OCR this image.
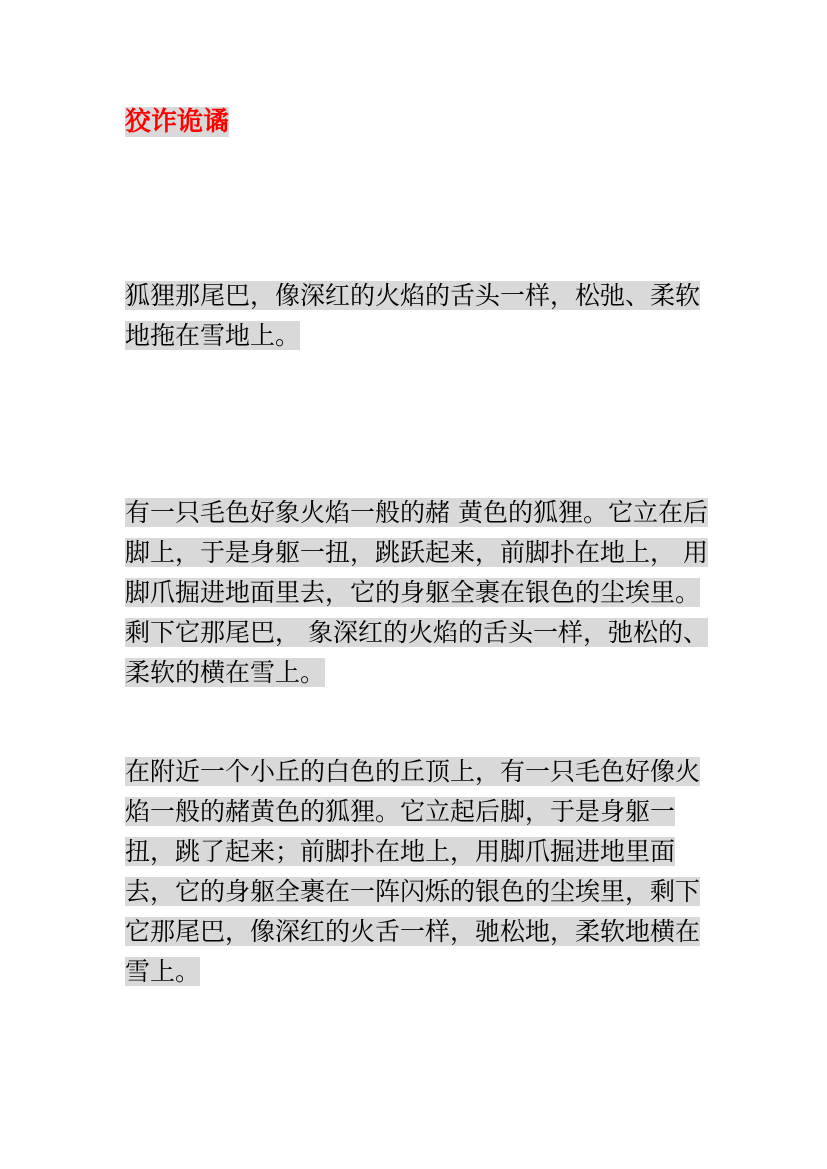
狡诈诡谲

狐狸那尾巴，像深红的火焰的舌头一样，松弛、柔软地拖在雪地上。

有一只毛色好象火焰一般的赭 黄色的狐狸。它立在后脚上，于是身躯一扭，跳跃起来，前脚扑在地上， 用脚爪掘进地面里去，它的身躯全裹在银色的尘埃里。剩下它那尾巴， 象深红的火焰的舌头一样，弛松的、柔软的横在雪上。

在附近一个小丘的白色的丘顶上，有一只毛色好像火焰一般的赭黄色的狐狸。它立起后脚，于是身躯一扭，跳了起来；前脚扑在地上，用脚爪掘进地里面去，它的身躯全裹在一阵闪烁的银色的尘埃里，剩下它那尾巴，像深红的火舌一样，驰松地，柔软地横在雪上。
